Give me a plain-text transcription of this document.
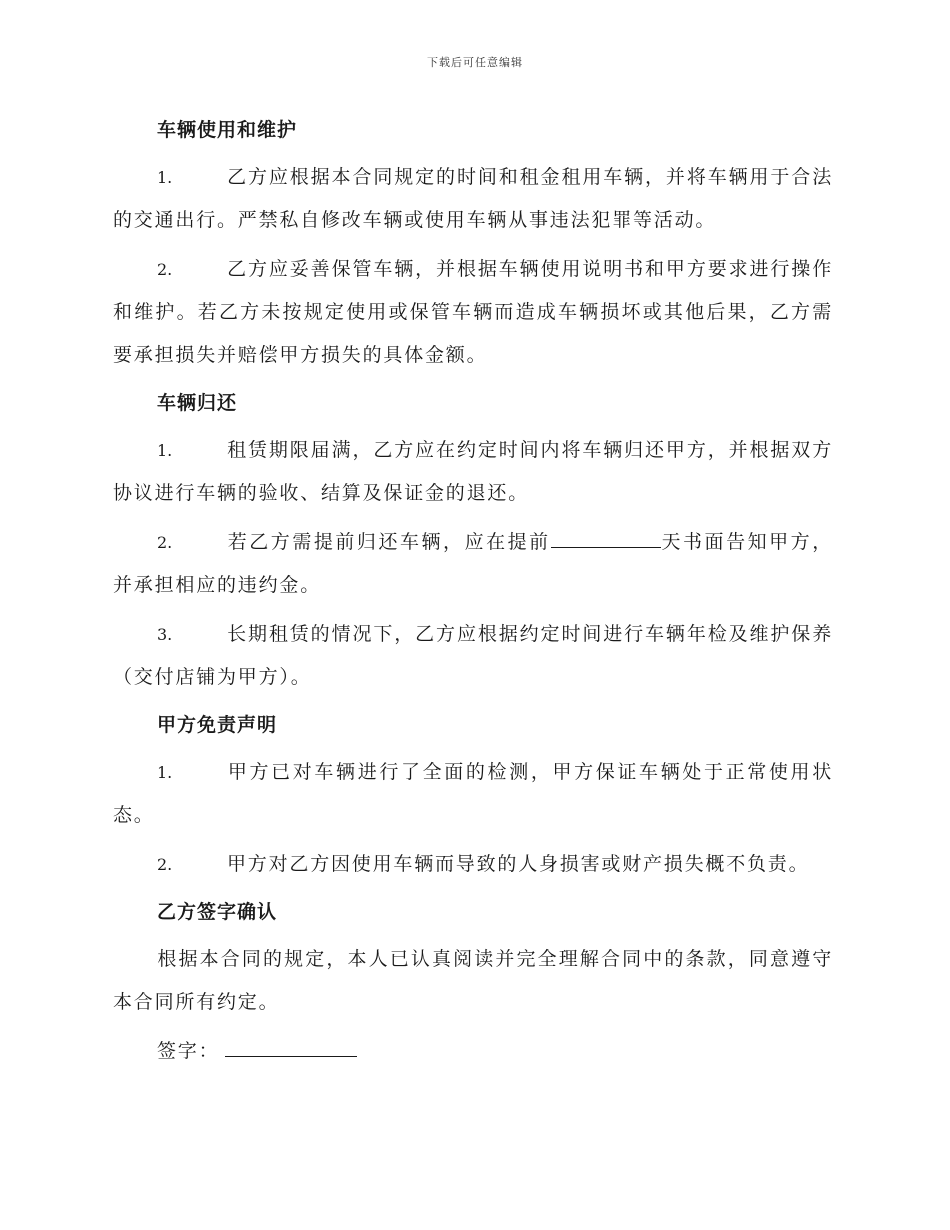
下载后可任意编辑
车辆使用和维护

1.	乙方应根据本合同规定的时间和租金租用车辆，并将车辆用于合法的交通出行。严禁私自修改车辆或使用车辆从事违法犯罪等活动。

2.	乙方应妥善保管车辆，并根据车辆使用说明书和甲方要求进行操作和维护。若乙方未按规定使用或保管车辆而造成车辆损坏或其他后果，乙方需要承担损失并赔偿甲方损失的具体金额。

车辆归还

1.	租赁期限届满，乙方应在约定时间内将车辆归还甲方，并根据双方协议进行车辆的验收、结算及保证金的退还。

2.	若乙方需提前归还车辆，应在提前	天书面告知甲方，并承担相应的违约金。

3.	长期租赁的情况下，乙方应根据约定时间进行车辆年检及维护保养（交付店铺为甲方）。

甲方免责声明

1.	甲方已对车辆进行了全面的检测，甲方保证车辆处于正常使用状态。

2.	甲方对乙方因使用车辆而导致的人身损害或财产损失概不负责。

乙方签字确认

根据本合同的规定，本人已认真阅读并完全理解合同中的条款，同意遵守本合同所有约定。

签字：
